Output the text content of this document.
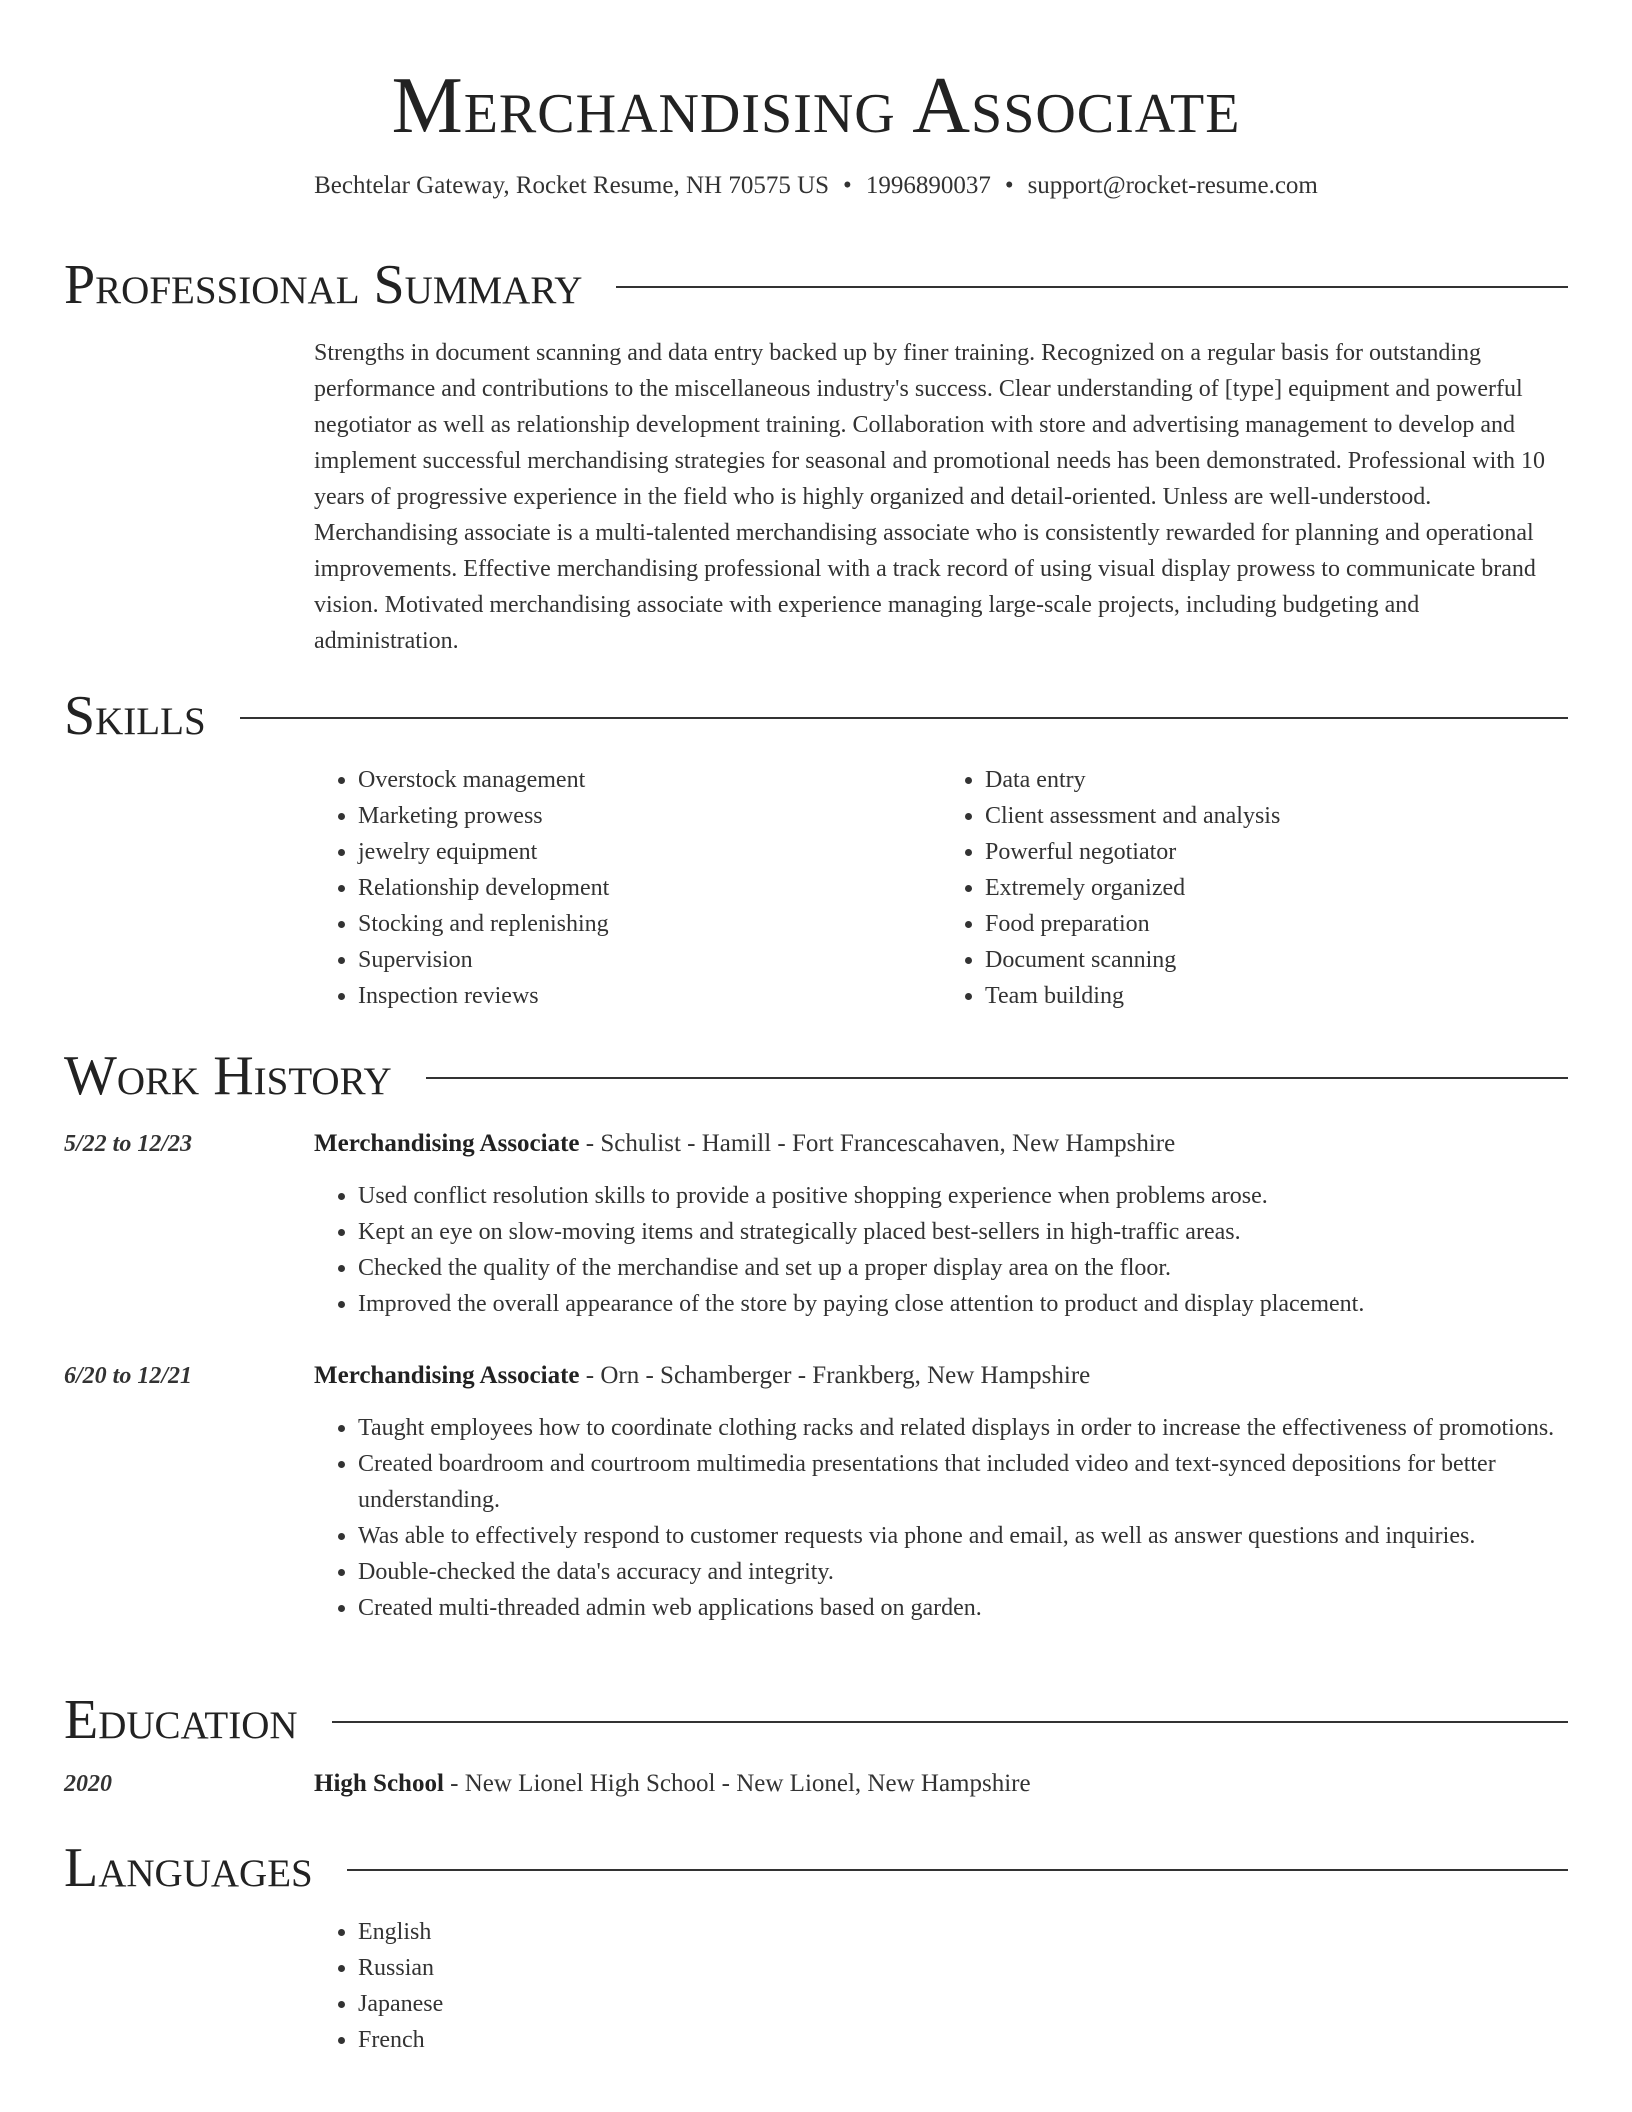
Merchandising Associate
Bechtelar Gateway, Rocket Resume, NH 70575 US • 1996890037 • support@rocket-resume.com
Professional Summary
Strengths in document scanning and data entry backed up by finer training. Recognized on a regular basis for outstanding performance and contributions to the miscellaneous industry's success. Clear understanding of [type] equipment and powerful negotiator as well as relationship development training. Collaboration with store and advertising management to develop and implement successful merchandising strategies for seasonal and promotional needs has been demonstrated. Professional with 10 years of progressive experience in the field who is highly organized and detail-oriented. Unless are well-understood. Merchandising associate is a multi-talented merchandising associate who is consistently rewarded for planning and operational improvements. Effective merchandising professional with a track record of using visual display prowess to communicate brand vision. Motivated merchandising associate with experience managing large-scale projects, including budgeting and administration.
Skills
• Overstock management
• Marketing prowess
• jewelry equipment
• Relationship development
• Stocking and replenishing
• Supervision
• Inspection reviews
• Data entry
• Client assessment and analysis
• Powerful negotiator
• Extremely organized
• Food preparation
• Document scanning
• Team building
Work History
5/22 to 12/23	Merchandising Associate - Schulist - Hamill - Fort Francescahaven, New Hampshire
• Used conflict resolution skills to provide a positive shopping experience when problems arose.
• Kept an eye on slow-moving items and strategically placed best-sellers in high-traffic areas.
• Checked the quality of the merchandise and set up a proper display area on the floor.
• Improved the overall appearance of the store by paying close attention to product and display placement.
6/20 to 12/21	Merchandising Associate - Orn - Schamberger - Frankberg, New Hampshire
• Taught employees how to coordinate clothing racks and related displays in order to increase the effectiveness of promotions.
• Created boardroom and courtroom multimedia presentations that included video and text-synced depositions for better understanding.
• Was able to effectively respond to customer requests via phone and email, as well as answer questions and inquiries.
• Double-checked the data's accuracy and integrity.
• Created multi-threaded admin web applications based on garden.
Education
2020	High School - New Lionel High School - New Lionel, New Hampshire
Languages
• English
• Russian
• Japanese
• French
